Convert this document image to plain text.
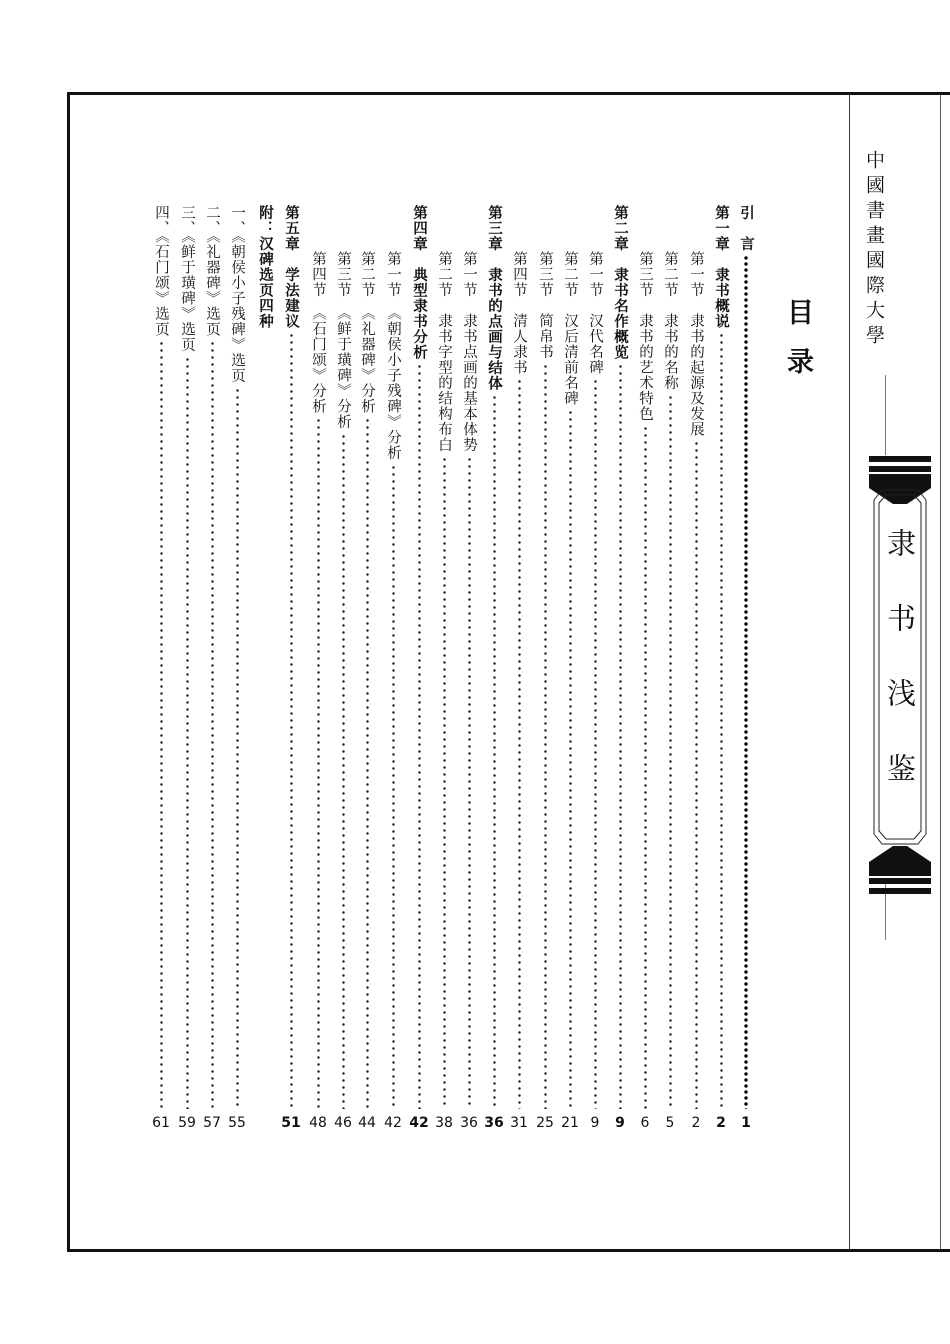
中國書畫國際大學
隶书浅鉴
目录
引　言
1
第一章　隶书概说
2
第一节　隶书的起源及发展
2
第二节　隶书的名称
5
第三节　隶书的艺术特色
6
第二章　隶书名作概览
9
第一节　汉代名碑
9
第二节　汉后清前名碑
21
第三节　简帛书
25
第四节　清人隶书
31
第三章　隶书的点画与结体
36
第一节　隶书点画的基本体势
36
第二节　隶书字型的结构布白
38
第四章　典型隶书分析
42
第一节　《朝侯小子残碑》分析
42
第二节　《礼器碑》分析
44
第三节　《鲜于璜碑》分析
46
第四节　《石门颂》分析
48
第五章　学法建议
51
附：汉碑选页四种
一、《朝侯小子残碑》选页
55
二、《礼器碑》选页
57
三、《鲜于璜碑》选页
59
四、《石门颂》选页
61
